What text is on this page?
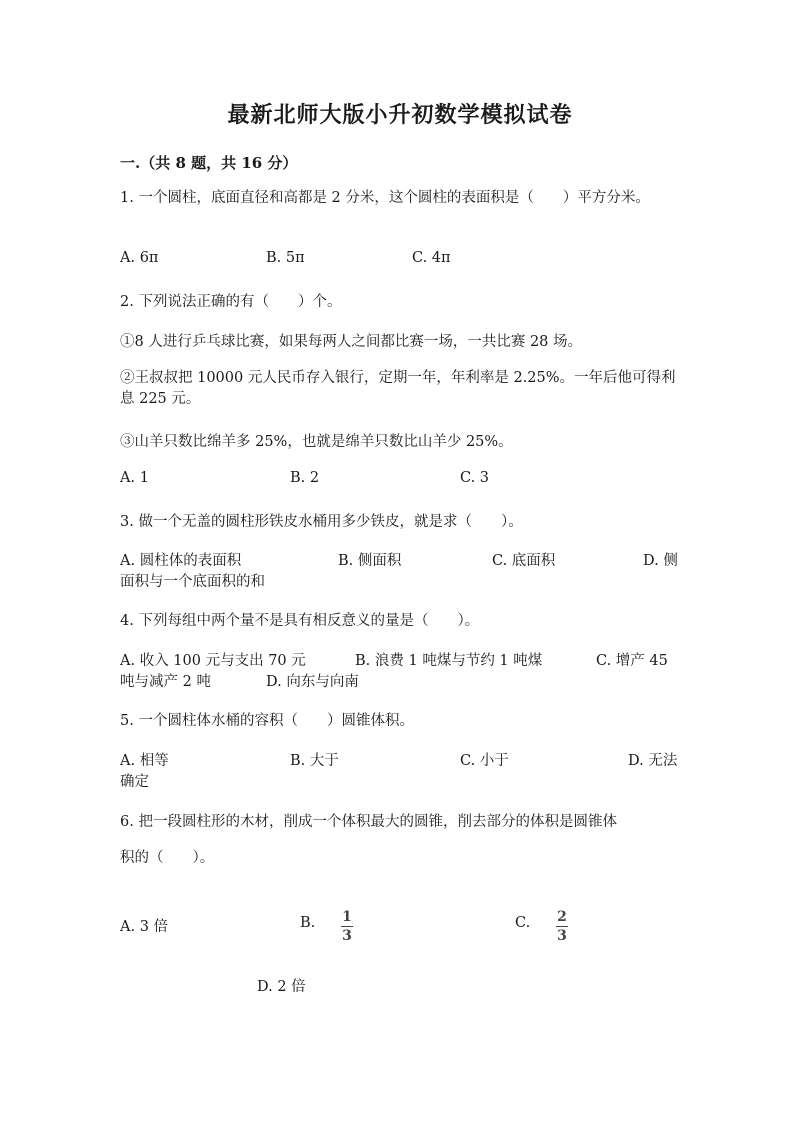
最新北师大版小升初数学模拟试卷
一.（共 8 题，共 16 分）
1. 一个圆柱，底面直径和高都是 2 分米，这个圆柱的表面积是（　　）平方分米。
A. 6π	B. 5π	C. 4π
2. 下列说法正确的有（　　）个。
①8 人进行乒乓球比赛，如果每两人之间都比赛一场，一共比赛 28 场。
②王叔叔把 10000 元人民币存入银行，定期一年，年利率是 2.25%。一年后他可得利息 225 元。
③山羊只数比绵羊多 25%，也就是绵羊只数比山羊少 25%。
A. 1	B. 2	C. 3
3. 做一个无盖的圆柱形铁皮水桶用多少铁皮，就是求（　　）。
A. 圆柱体的表面积	B. 侧面积	C. 底面积	D. 侧
面积与一个底面积的和
4. 下列每组中两个量不是具有相反意义的量是（　　）。
A. 收入 100 元与支出 70 元	B. 浪费 1 吨煤与节约 1 吨煤	C. 增产 45
吨与减产 2 吨	D. 向东与向南
5. 一个圆柱体水桶的容积（　　）圆锥体积。
A. 相等	B. 大于	C. 小于	D. 无法
确定
6. 把一段圆柱形的木材，削成一个体积最大的圆锥，削去部分的体积是圆锥体
积的（　　）。
A. 3 倍	B. 1
3
C. 2
3
D. 2 倍
